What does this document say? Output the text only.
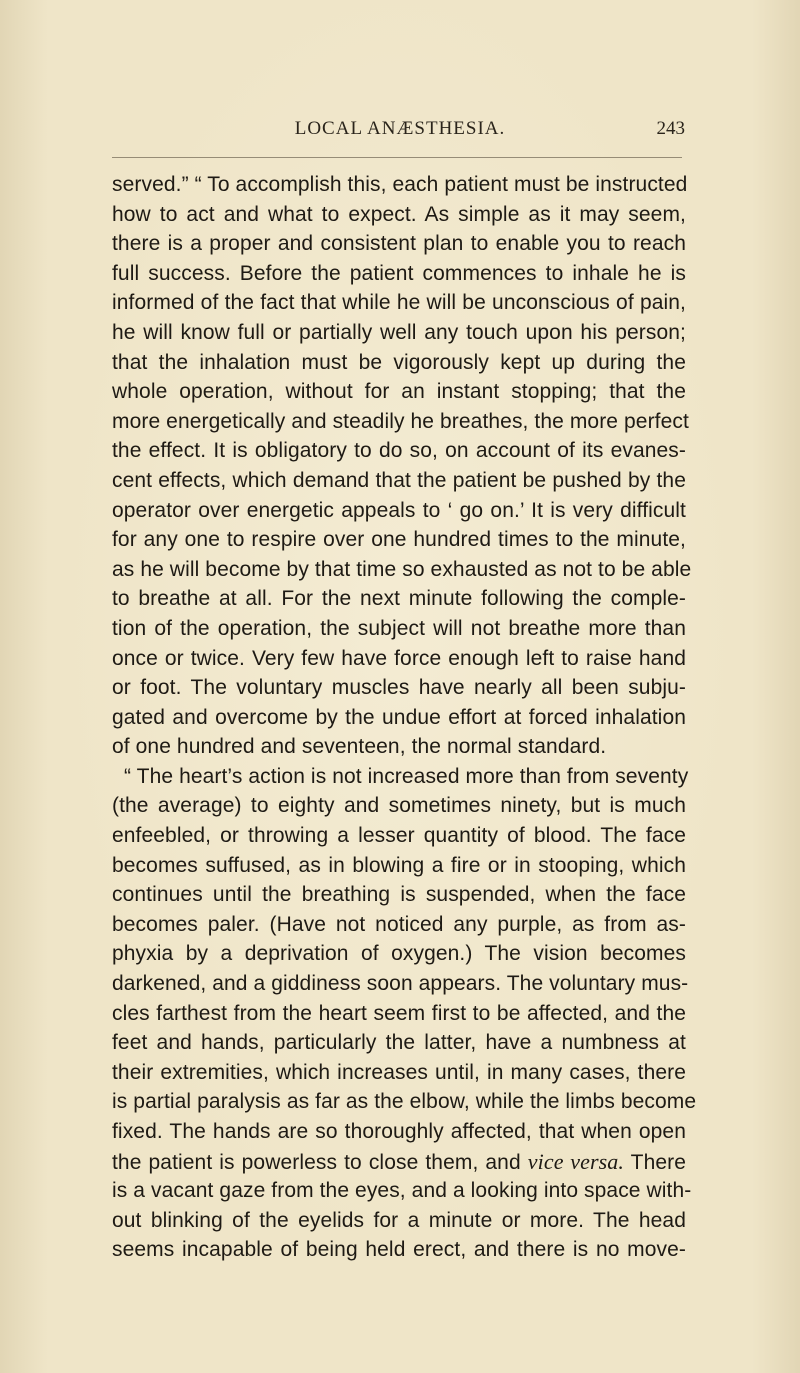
LOCAL ANÆSTHESIA.	243
served.” “ To accomplish this, each patient must be instructed
how to act and what to expect. As simple as it may seem,
there is a proper and consistent plan to enable you to reach
full success. Before the patient commences to inhale he is
informed of the fact that while he will be unconscious of pain,
he will know full or partially well any touch upon his person;
that the inhalation must be vigorously kept up during the
whole operation, without for an instant stopping; that the
more energetically and steadily he breathes, the more perfect
the effect. It is obligatory to do so, on account of its evanes-
cent effects, which demand that the patient be pushed by the
operator over energetic appeals to ‘ go on.’ It is very difficult
for any one to respire over one hundred times to the minute,
as he will become by that time so exhausted as not to be able
to breathe at all. For the next minute following the comple-
tion of the operation, the subject will not breathe more than
once or twice. Very few have force enough left to raise hand
or foot. The voluntary muscles have nearly all been subju-
gated and overcome by the undue effort at forced inhalation
of one hundred and seventeen, the normal standard.
“ The heart’s action is not increased more than from seventy
(the average) to eighty and sometimes ninety, but is much
enfeebled, or throwing a lesser quantity of blood. The face
becomes suffused, as in blowing a fire or in stooping, which
continues until the breathing is suspended, when the face
becomes paler. (Have not noticed any purple, as from as-
phyxia by a deprivation of oxygen.) The vision becomes
darkened, and a giddiness soon appears. The voluntary mus-
cles farthest from the heart seem first to be affected, and the
feet and hands, particularly the latter, have a numbness at
their extremities, which increases until, in many cases, there
is partial paralysis as far as the elbow, while the limbs become
fixed. The hands are so thoroughly affected, that when open
the patient is powerless to close them, and vice versa. There
is a vacant gaze from the eyes, and a looking into space with-
out blinking of the eyelids for a minute or more. The head
seems incapable of being held erect, and there is no move-
